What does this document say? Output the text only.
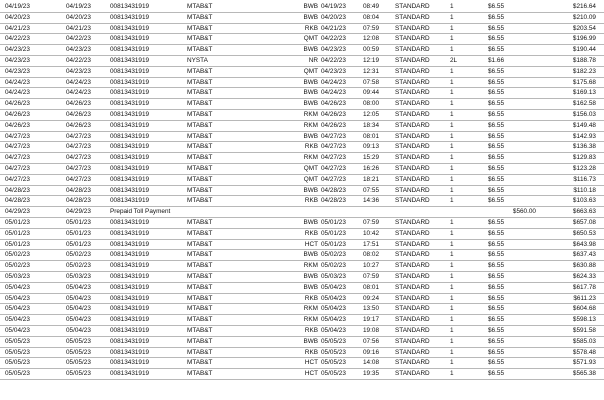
04/19/23	04/19/23	00813431919	MTAB&T	BWB 04/19/23	08:49	STANDARD	1	$6.55	$216.64
04/20/23	04/20/23	00813431919	MTAB&T	BWB 04/20/23	08:04	STANDARD	1	$6.55	$210.09
04/21/23	04/21/23	00813431919	MTAB&T	RKB 04/21/23	07:59	STANDARD	1	$6.55	$203.54
04/22/23	04/22/23	00813431919	MTAB&T	QMT 04/22/23	12:08	STANDARD	1	$6.55	$196.99
04/23/23	04/23/23	00813431919	MTAB&T	BWB 04/23/23	00:59	STANDARD	1	$6.55	$190.44
04/23/23	04/22/23	00813431919	NYSTA	NR 04/22/23	12:19	STANDARD	2L	$1.66	$188.78
04/23/23	04/23/23	00813431919	MTAB&T	QMT 04/23/23	12:31	STANDARD	1	$6.55	$182.23
04/24/23	04/24/23	00813431919	MTAB&T	BWB 04/24/23	07:58	STANDARD	1	$6.55	$175.68
04/24/23	04/24/23	00813431919	MTAB&T	BWB 04/24/23	09:44	STANDARD	1	$6.55	$169.13
04/26/23	04/26/23	00813431919	MTAB&T	BWB 04/26/23	08:00	STANDARD	1	$6.55	$162.58
04/26/23	04/26/23	00813431919	MTAB&T	RKM 04/26/23	12:05	STANDARD	1	$6.55	$156.03
04/26/23	04/26/23	00813431919	MTAB&T	RKM 04/26/23	18:34	STANDARD	1	$6.55	$149.48
04/27/23	04/27/23	00813431919	MTAB&T	BWB 04/27/23	08:01	STANDARD	1	$6.55	$142.93
04/27/23	04/27/23	00813431919	MTAB&T	RKB 04/27/23	09:13	STANDARD	1	$6.55	$136.38
04/27/23	04/27/23	00813431919	MTAB&T	RKM 04/27/23	15:29	STANDARD	1	$6.55	$129.83
04/27/23	04/27/23	00813431919	MTAB&T	QMT 04/27/23	16:26	STANDARD	1	$6.55	$123.28
04/27/23	04/27/23	00813431919	MTAB&T	QMT 04/27/23	18:21	STANDARD	1	$6.55	$116.73
04/28/23	04/28/23	00813431919	MTAB&T	BWB 04/28/23	07:55	STANDARD	1	$6.55	$110.18
04/28/23	04/28/23	00813431919	MTAB&T	RKB 04/28/23	14:36	STANDARD	1	$6.55	$103.63
04/29/23	04/29/23	Prepaid Toll Payment	$560.00	$663.63
05/01/23	05/01/23	00813431919	MTAB&T	BWB 05/01/23	07:59	STANDARD	1	$6.55	$657.08
05/01/23	05/01/23	00813431919	MTAB&T	RKB 05/01/23	10:42	STANDARD	1	$6.55	$650.53
05/01/23	05/01/23	00813431919	MTAB&T	HCT 05/01/23	17:51	STANDARD	1	$6.55	$643.98
05/02/23	05/02/23	00813431919	MTAB&T	BWB 05/02/23	08:02	STANDARD	1	$6.55	$637.43
05/02/23	05/02/23	00813431919	MTAB&T	RKM 05/02/23	10:27	STANDARD	1	$6.55	$630.88
05/03/23	05/03/23	00813431919	MTAB&T	BWB 05/03/23	07:59	STANDARD	1	$6.55	$624.33
05/04/23	05/04/23	00813431919	MTAB&T	BWB 05/04/23	08:01	STANDARD	1	$6.55	$617.78
05/04/23	05/04/23	00813431919	MTAB&T	RKB 05/04/23	09:24	STANDARD	1	$6.55	$611.23
05/04/23	05/04/23	00813431919	MTAB&T	RKM 05/04/23	13:50	STANDARD	1	$6.55	$604.68
05/04/23	05/04/23	00813431919	MTAB&T	RKM 05/04/23	19:17	STANDARD	1	$6.55	$598.13
05/04/23	05/04/23	00813431919	MTAB&T	RKB 05/04/23	19:08	STANDARD	1	$6.55	$591.58
05/05/23	05/05/23	00813431919	MTAB&T	BWB 05/05/23	07:56	STANDARD	1	$6.55	$585.03
05/05/23	05/05/23	00813431919	MTAB&T	RKB 05/05/23	09:16	STANDARD	1	$6.55	$578.48
05/05/23	05/05/23	00813431919	MTAB&T	HCT 05/05/23	14:08	STANDARD	1	$6.55	$571.93
05/05/23	05/05/23	00813431919	MTAB&T	HCT 05/05/23	19:35	STANDARD	1	$6.55	$565.38
